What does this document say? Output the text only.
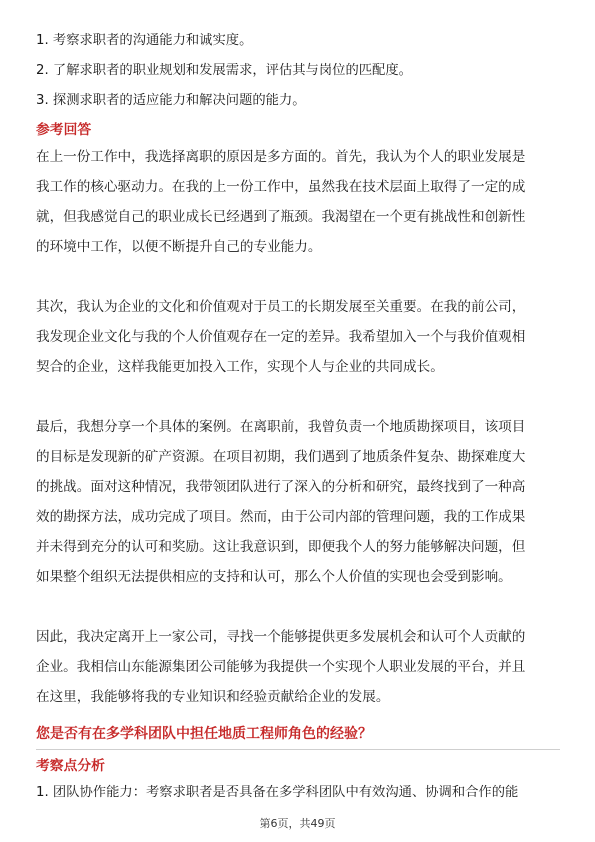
1. 考察求职者的沟通能力和诚实度。
2. 了解求职者的职业规划和发展需求，评估其与岗位的匹配度。
3. 探测求职者的适应能力和解决问题的能力。
参考回答

在上一份工作中，我选择离职的原因是多方面的。首先，我认为个人的职业发展是

我工作的核心驱动力。在我的上一份工作中，虽然我在技术层面上取得了一定的成

就，但我感觉自己的职业成长已经遇到了瓶颈。我渴望在一个更有挑战性和创新性

的环境中工作，以便不断提升自己的专业能力。

其次，我认为企业的文化和价值观对于员工的长期发展至关重要。在我的前公司，

我发现企业文化与我的个人价值观存在一定的差异。我希望加入一个与我价值观相

契合的企业，这样我能更加投入工作，实现个人与企业的共同成长。

最后，我想分享一个具体的案例。在离职前，我曾负责一个地质勘探项目，该项目

的目标是发现新的矿产资源。在项目初期，我们遇到了地质条件复杂、勘探难度大

的挑战。面对这种情况，我带领团队进行了深入的分析和研究，最终找到了一种高

效的勘探方法，成功完成了项目。然而，由于公司内部的管理问题，我的工作成果

并未得到充分的认可和奖励。这让我意识到，即便我个人的努力能够解决问题，但

如果整个组织无法提供相应的支持和认可，那么个人价值的实现也会受到影响。

因此，我决定离开上一家公司，寻找一个能够提供更多发展机会和认可个人贡献的

企业。我相信山东能源集团公司能够为我提供一个实现个人职业发展的平台，并且

在这里，我能够将我的专业知识和经验贡献给企业的发展。

您是否有在多学科团队中担任地质工程师角色的经验？
考察点分析
1. 团队协作能力：考察求职者是否具备在多学科团队中有效沟通、协调和合作的能
第6页，共49页
